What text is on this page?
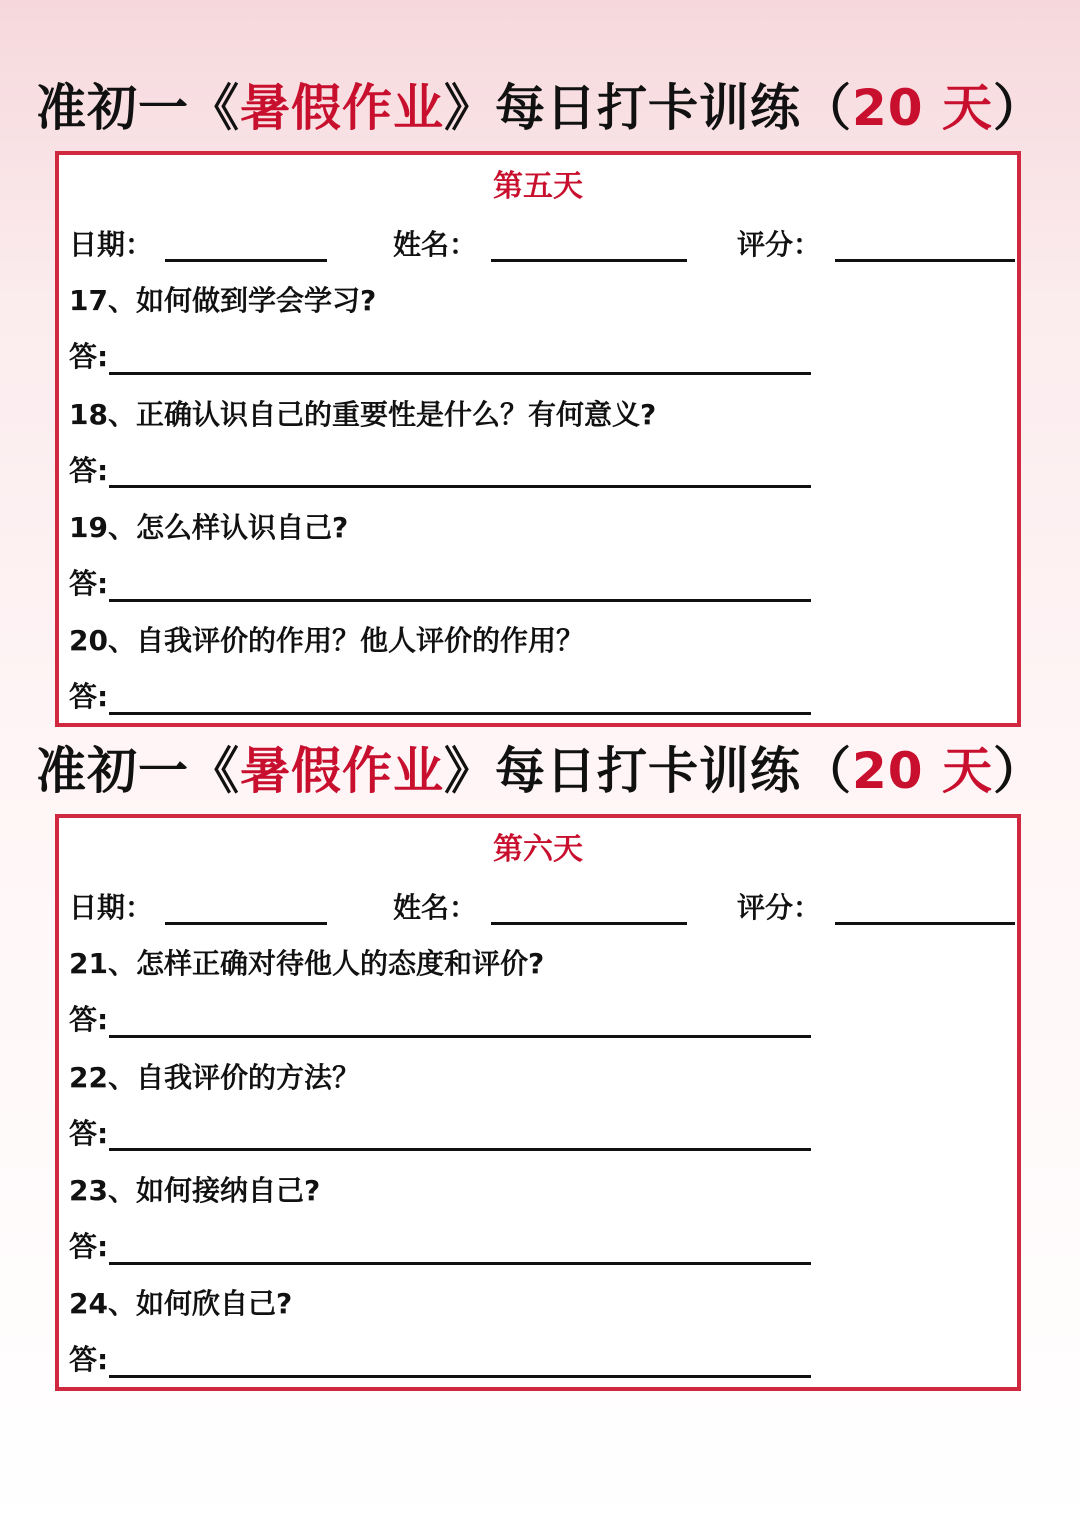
准初一《暑假作业》每日打卡训练（20 天）
第五天
日期：	姓名：	评分：
17、如何做到学会学习?
答:
18、正确认识自己的重要性是什么？有何意义?
答:
19、怎么样认识自己?
答:
20、自我评价的作用？他人评价的作用？
答:
准初一《暑假作业》每日打卡训练（20 天）
第六天
日期：	姓名：	评分：
21、怎样正确对待他人的态度和评价?
答:
22、自我评价的方法？
答:
23、如何接纳自己?
答:
24、如何欣自己?
答:
